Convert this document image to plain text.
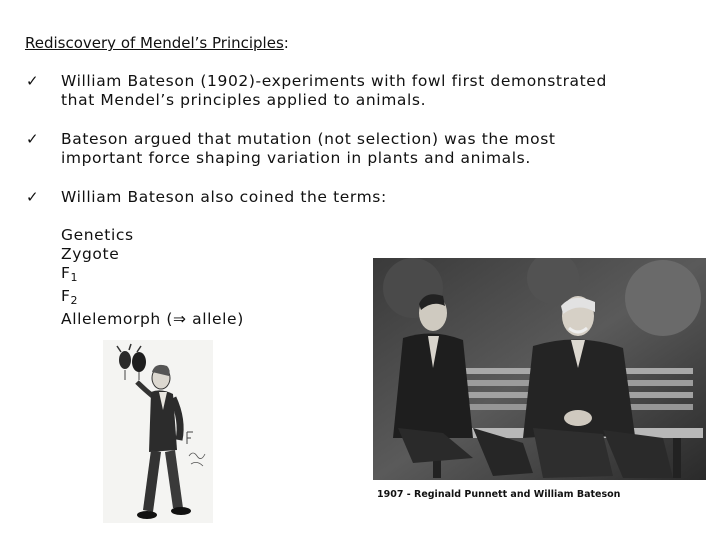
Rediscovery of Mendel’s Principles:
✓ William Bateson (1902)-experiments with fowl first demonstrated
that Mendel’s principles applied to animals.
✓ Bateson argued that mutation (not selection) was the most
important force shaping variation in plants and animals.
✓ William Bateson also coined the terms:
Genetics
Zygote
$F_1$
$F_2$
Allelemorph (⇒ allele)
1907 - Reginald Punnett and William Bateson
